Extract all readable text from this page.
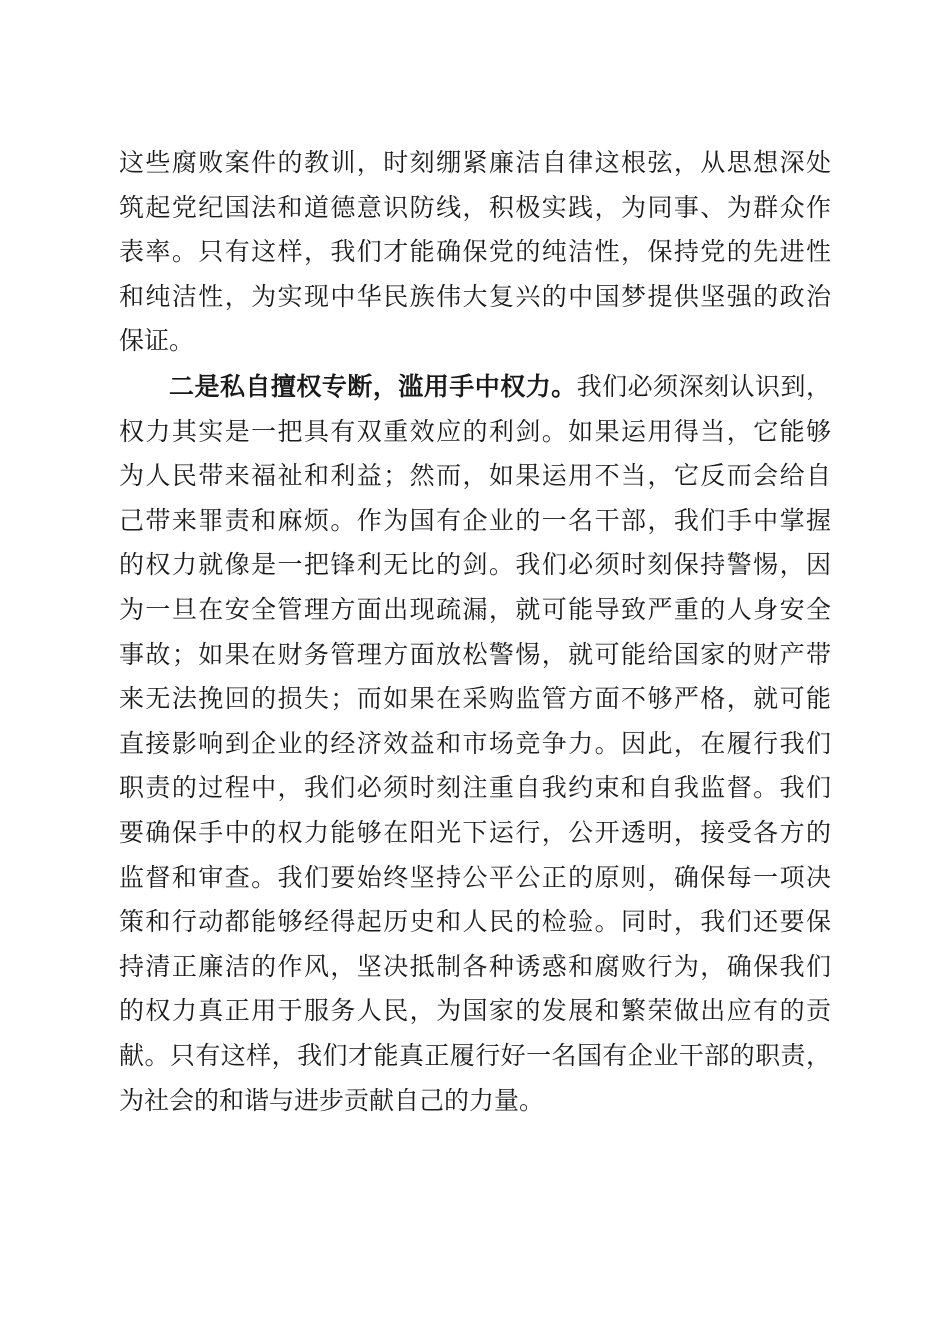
这些腐败案件的教训，时刻绷紧廉洁自律这根弦，从思想深处
筑起党纪国法和道德意识防线，积极实践，为同事、为群众作
表率。只有这样，我们才能确保党的纯洁性，保持党的先进性
和纯洁性，为实现中华民族伟大复兴的中国梦提供坚强的政治
保证。
二是私自擅权专断，滥用手中权力。我们必须深刻认识到，
权力其实是一把具有双重效应的利剑。如果运用得当，它能够
为人民带来福祉和利益；然而，如果运用不当，它反而会给自
己带来罪责和麻烦。作为国有企业的一名干部，我们手中掌握
的权力就像是一把锋利无比的剑。我们必须时刻保持警惕，因
为一旦在安全管理方面出现疏漏，就可能导致严重的人身安全
事故；如果在财务管理方面放松警惕，就可能给国家的财产带
来无法挽回的损失；而如果在采购监管方面不够严格，就可能
直接影响到企业的经济效益和市场竞争力。因此，在履行我们
职责的过程中，我们必须时刻注重自我约束和自我监督。我们
要确保手中的权力能够在阳光下运行，公开透明，接受各方的
监督和审查。我们要始终坚持公平公正的原则，确保每一项决
策和行动都能够经得起历史和人民的检验。同时，我们还要保
持清正廉洁的作风，坚决抵制各种诱惑和腐败行为，确保我们
的权力真正用于服务人民，为国家的发展和繁荣做出应有的贡
献。只有这样，我们才能真正履行好一名国有企业干部的职责，
为社会的和谐与进步贡献自己的力量。
